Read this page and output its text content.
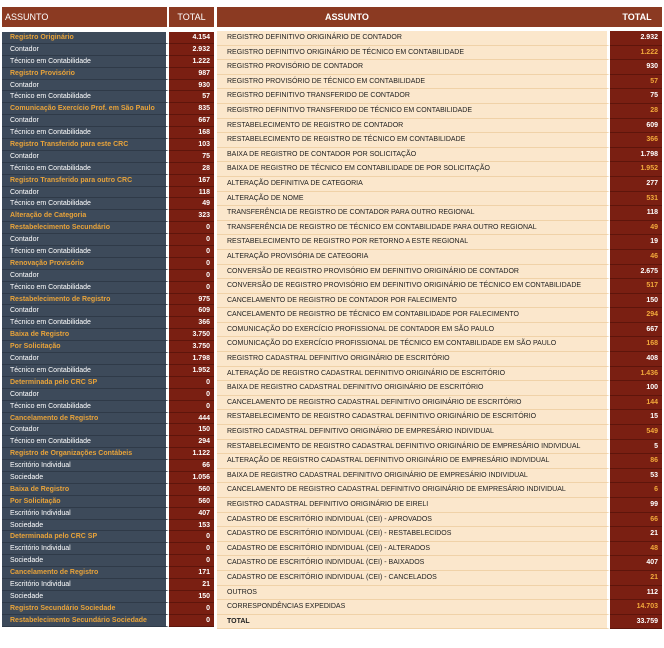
ASSUNTO	TOTAL
Registro Originário	4.154
Contador	2.932
Técnico em Contabilidade	1.222
Registro Provisório	987
Contador	930
Técnico em Contabilidade	57
Comunicação Exercício Prof. em São Paulo	835
Contador	667
Técnico em Contabilidade	168
Registro Transferido para este CRC	103
Contador	75
Técnico em Contabilidade	28
Registro Transferido para outro CRC	167
Contador	118
Técnico em Contabilidade	49
Alteração de Categoria	323
Restabelecimento Secundário	0
Contador	0
Técnico em Contabilidade	0
Renovação Provisório	0
Contador	0
Técnico em Contabilidade	0
Restabelecimento de Registro	975
Contador	609
Técnico em Contabilidade	366
Baixa de Registro	3.750
Por Solicitação	3.750
Contador	1.798
Técnico em Contabilidade	1.952
Determinada pelo CRC SP	0
Contador	0
Técnico em Contabilidade	0
Cancelamento de Registro	444
Contador	150
Técnico em Contabilidade	294
Registro de Organizações Contábeis	1.122
Escritório Individual	66
Sociedade	1.056
Baixa de Registro	560
Por Solicitação	560
Escritório Individual	407
Sociedade	153
Determinada pelo CRC SP	0
Escritório Individual	0
Sociedade	0
Cancelamento de Registro	171
Escritório Individual	21
Sociedade	150
Registro Secundário Sociedade	0
Restabelecimento Secundário Sociedade	0
ASSUNTO	TOTAL
REGISTRO DEFINITIVO ORIGINÁRIO DE CONTADOR	2.932
REGISTRO DEFINITIVO ORIGINÁRIO DE TÉCNICO EM CONTABILIDADE	1.222
REGISTRO PROVISÓRIO DE CONTADOR	930
REGISTRO PROVISÓRIO DE TÉCNICO EM CONTABILIDADE	57
REGISTRO DEFINITIVO TRANSFERIDO DE CONTADOR	75
REGISTRO DEFINITIVO TRANSFERIDO DE TÉCNICO EM CONTABILIDADE	28
RESTABELECIMENTO DE REGISTRO DE CONTADOR	609
RESTABELECIMENTO DE REGISTRO DE TÉCNICO EM CONTABILIDADE	366
BAIXA DE REGISTRO DE CONTADOR POR SOLICITAÇÃO	1.798
BAIXA DE REGISTRO DE TÉCNICO EM CONTABILIDADE DE POR SOLICITAÇÃO	1.952
ALTERAÇÃO DEFINITIVA DE CATEGORIA	277
ALTERAÇÃO DE NOME	531
TRANSFERÊNCIA DE REGISTRO DE CONTADOR PARA OUTRO REGIONAL	118
TRANSFERÊNCIA DE REGISTRO DE TÉCNICO EM CONTABILIDADE PARA OUTRO REGIONAL	49
RESTABELECIMENTO DE REGISTRO POR RETORNO A ESTE REGIONAL	19
ALTERAÇÃO PROVISÓRIA DE CATEGORIA	46
CONVERSÃO DE REGISTRO PROVISÓRIO EM DEFINITIVO ORIGINÁRIO DE CONTADOR	2.675
CONVERSÃO DE REGISTRO PROVISÓRIO EM DEFINITIVO ORIGINÁRIO DE TÉCNICO EM CONTABILIDADE	517
CANCELAMENTO DE REGISTRO DE CONTADOR POR FALECIMENTO	150
CANCELAMENTO DE REGISTRO DE TÉCNICO EM CONTABILIDADE POR FALECIMENTO	294
COMUNICAÇÃO DO EXERCÍCIO PROFISSIONAL DE CONTADOR EM SÃO PAULO	667
COMUNICAÇÃO DO EXERCÍCIO PROFISSIONAL DE TÉCNICO EM CONTABILIDADE EM SÃO PAULO	168
REGISTRO CADASTRAL DEFINITIVO ORIGINÁRIO DE ESCRITÓRIO	408
ALTERAÇÃO DE REGISTRO CADASTRAL DEFINITIVO ORIGINÁRIO DE ESCRITÓRIO	1.436
BAIXA DE REGISTRO CADASTRAL DEFINITIVO ORIGINÁRIO DE ESCRITÓRIO	100
CANCELAMENTO DE REGISTRO CADASTRAL DEFINITIVO ORIGINÁRIO DE ESCRITÓRIO	144
RESTABELECIMENTO DE REGISTRO CADASTRAL DEFINITIVO ORIGINÁRIO DE ESCRITÓRIO	15
REGISTRO CADASTRAL DEFINITIVO ORIGINÁRIO DE EMPRESÁRIO INDIVIDUAL	549
RESTABELECIMENTO DE REGISTRO CADASTRAL DEFINITIVO ORIGINÁRIO DE EMPRESÁRIO INDIVIDUAL	5
ALTERAÇÃO DE REGISTRO CADASTRAL DEFINITIVO ORIGINÁRIO DE EMPRESÁRIO INDIVIDUAL	86
BAIXA DE REGISTRO CADASTRAL DEFINITIVO ORIGINÁRIO DE EMPRESÁRIO INDIVIDUAL	53
CANCELAMENTO DE REGISTRO CADASTRAL DEFINITIVO ORIGINÁRIO DE EMPRESÁRIO INDIVIDUAL	6
REGISTRO CADASTRAL DEFINITIVO ORIGINÁRIO DE EIRELI	99
CADASTRO DE ESCRITÓRIO INDIVIDUAL (CEI) - APROVADOS	66
CADASTRO DE ESCRITÓRIO INDIVIDUAL (CEI) - RESTABELECIDOS	21
CADASTRO DE ESCRITÓRIO INDIVIDUAL (CEI) - ALTERADOS	48
CADASTRO DE ESCRITÓRIO INDIVIDUAL (CEI) - BAIXADOS	407
CADASTRO DE ESCRITÓRIO INDIVIDUAL (CEI) - CANCELADOS	21
OUTROS	112
CORRESPONDÊNCIAS EXPEDIDAS	14.703
TOTAL	33.759
